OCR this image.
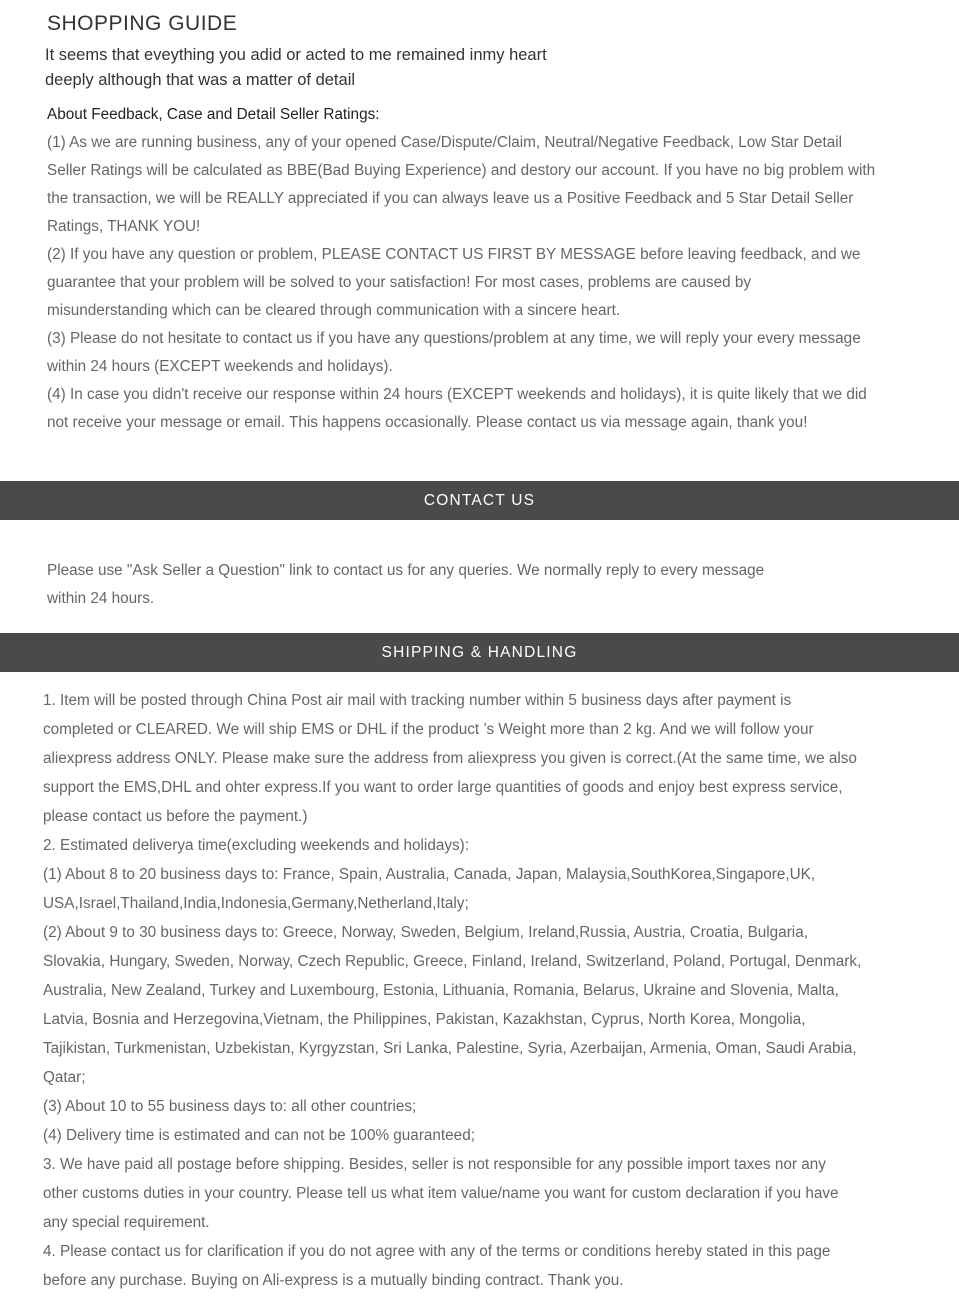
SHOPPING GUIDE
It seems that eveything you adid or acted to me remained inmy heart
deeply although that was a matter of detail
About Feedback, Case and Detail Seller Ratings:
(1) As we are running business, any of your opened Case/Dispute/Claim, Neutral/Negative Feedback, Low Star Detail
Seller Ratings will be calculated as BBE(Bad Buying Experience) and destory our account. If you have no big problem with
the transaction, we will be REALLY appreciated if you can always leave us a Positive Feedback and 5 Star Detail Seller
Ratings, THANK YOU!
(2) If you have any question or problem, PLEASE CONTACT US FIRST BY MESSAGE before leaving feedback, and we
guarantee that your problem will be solved to your satisfaction! For most cases, problems are caused by
misunderstanding which can be cleared through communication with a sincere heart.
(3) Please do not hesitate to contact us if you have any questions/problem at any time, we will reply your every message
within 24 hours (EXCEPT weekends and holidays).
(4) In case you didn't receive our response within 24 hours (EXCEPT weekends and holidays), it is quite likely that we did
not receive your message or email. This happens occasionally. Please contact us via message again, thank you!
CONTACT US
Please use "Ask Seller a Question" link to contact us for any queries. We normally reply to every message
within 24 hours.
SHIPPING & HANDLING
1. Item will be posted through China Post air mail with tracking number within 5 business days after payment is
completed or CLEARED. We will ship EMS or DHL if the product ’s Weight more than 2 kg. And we will follow your
aliexpress address ONLY. Please make sure the address from aliexpress you given is correct.(At the same time, we also
support the EMS,DHL and ohter express.If you want to order large quantities of goods and enjoy best express service,
please contact us before the payment.)
2. Estimated deliverya time(excluding weekends and holidays):
(1) About 8 to 20 business days to: France, Spain, Australia, Canada, Japan, Malaysia,SouthKorea,Singapore,UK,
USA,Israel,Thailand,India,Indonesia,Germany,Netherland,Italy;
(2) About 9 to 30 business days to: Greece, Norway, Sweden, Belgium, Ireland,Russia, Austria, Croatia, Bulgaria,
Slovakia, Hungary, Sweden, Norway, Czech Republic, Greece, Finland, Ireland, Switzerland, Poland, Portugal, Denmark,
Australia, New Zealand, Turkey and Luxembourg, Estonia, Lithuania, Romania, Belarus, Ukraine and Slovenia, Malta,
Latvia, Bosnia and Herzegovina,Vietnam, the Philippines, Pakistan, Kazakhstan, Cyprus, North Korea, Mongolia,
Tajikistan, Turkmenistan, Uzbekistan, Kyrgyzstan, Sri Lanka, Palestine, Syria, Azerbaijan, Armenia, Oman, Saudi Arabia,
Qatar;
(3) About 10 to 55 business days to: all other countries;
(4) Delivery time is estimated and can not be 100% guaranteed;
3. We have paid all postage before shipping. Besides, seller is not responsible for any possible import taxes nor any
other customs duties in your country. Please tell us what item value/name you want for custom declaration if you have
any special requirement.
4. Please contact us for clarification if you do not agree with any of the terms or conditions hereby stated in this page
before any purchase. Buying on Ali-express is a mutually binding contract. Thank you.
